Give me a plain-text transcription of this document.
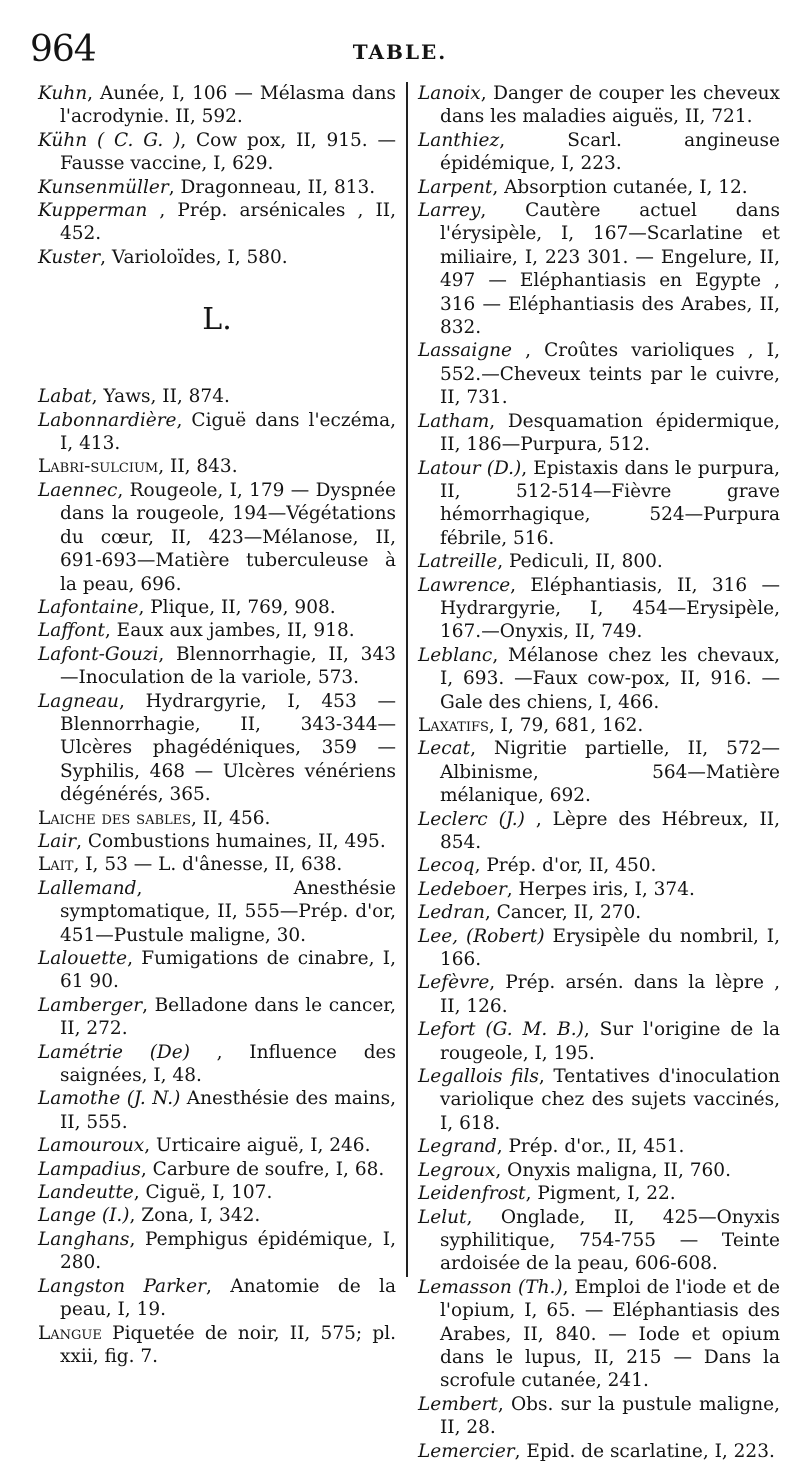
964	TABLE.

Kuhn, Aunée, I, 106 — Mélasma dans l'acrodynie. II, 592.

Kühn ( C. G. ), Cow pox, II, 915. — Fausse vaccine, I, 629.

Kunsenmüller, Dragonneau, II, 813.

Kupperman , Prép. arsénicales , II, 452.

Kuster, Varioloïdes, I, 580.

L.

Labat, Yaws, II, 874.

Labonnardière, Ciguë dans l'eczéma, I, 413.

Labri-sulcium, II, 843.

Laennec, Rougeole, I, 179 — Dyspnée dans la rougeole, 194—Végétations du cœur, II, 423—Mélanose, II, 691-693—Matière tuberculeuse à la peau, 696.

Lafontaine, Plique, II, 769, 908.

Laffont, Eaux aux jambes, II, 918.

Lafont-Gouzi, Blennorrhagie, II, 343—Inoculation de la variole, 573.

Lagneau, Hydrargyrie, I, 453 — Blennorrhagie, II, 343-344—Ulcères phagédéniques, 359 — Syphilis, 468 — Ulcères vénériens dégénérés, 365.

Laiche des sables, II, 456.

Lair, Combustions humaines, II, 495.

Lait, I, 53 — L. d'ânesse, II, 638.

Lallemand, Anesthésie symptomatique, II, 555—Prép. d'or, 451—Pustule maligne, 30.

Lalouette, Fumigations de cinabre, I, 61 90.

Lamberger, Belladone dans le cancer, II, 272.

Lamétrie (De) , Influence des saignées, I, 48.

Lamothe (J. N.) Anesthésie des mains, II, 555.

Lamouroux, Urticaire aiguë, I, 246.

Lampadius, Carbure de soufre, I, 68.

Landeutte, Ciguë, I, 107.

Lange (I.), Zona, I, 342.

Langhans, Pemphigus épidémique, I, 280.

Langston Parker, Anatomie de la peau, I, 19.

Langue Piquetée de noir, II, 575; pl. xxii, fig. 7.

Lanoix, Danger de couper les cheveux dans les maladies aiguës, II, 721.

Lanthiez, Scarl. angineuse épidémique, I, 223.

Larpent, Absorption cutanée, I, 12.

Larrey, Cautère actuel dans l'érysipèle, I, 167—Scarlatine et miliaire, I, 223 301. — Engelure, II, 497 — Eléphantiasis en Egypte , 316 — Eléphantiasis des Arabes, II, 832.

Lassaigne , Croûtes varioliques , I, 552.—Cheveux teints par le cuivre, II, 731.

Latham, Desquamation épidermique, II, 186—Purpura, 512.

Latour (D.), Epistaxis dans le purpura, II, 512-514—Fièvre grave hémorrhagique, 524—Purpura fébrile, 516.

Latreille, Pediculi, II, 800.

Lawrence, Eléphantiasis, II, 316 —Hydrargyrie, I, 454—Erysipèle, 167.—Onyxis, II, 749.

Leblanc, Mélanose chez les chevaux, I, 693. —Faux cow-pox, II, 916. — Gale des chiens, I, 466.

Laxatifs, I, 79, 681, 162.

Lecat, Nigritie partielle, II, 572—Albinisme, 564—Matière mélanique, 692.

Leclerc (J.) , Lèpre des Hébreux, II, 854.

Lecoq, Prép. d'or, II, 450.

Ledeboer, Herpes iris, I, 374.

Ledran, Cancer, II, 270.

Lee, (Robert) Erysipèle du nombril, I, 166.

Lefèvre, Prép. arsén. dans la lèpre , II, 126.

Lefort (G. M. B.), Sur l'origine de la rougeole, I, 195.

Legallois fils, Tentatives d'inoculation variolique chez des sujets vaccinés, I, 618.

Legrand, Prép. d'or., II, 451.

Legroux, Onyxis maligna, II, 760.

Leidenfrost, Pigment, I, 22.

Lelut, Onglade, II, 425—Onyxis syphilitique, 754-755 — Teinte ardoisée de la peau, 606-608.

Lemasson (Th.), Emploi de l'iode et de l'opium, I, 65. — Eléphantiasis des Arabes, II, 840. — Iode et opium dans le lupus, II, 215 — Dans la scrofule cutanée, 241.

Lembert, Obs. sur la pustule maligne, II, 28.

Lemercier, Epid. de scarlatine, I, 223.
